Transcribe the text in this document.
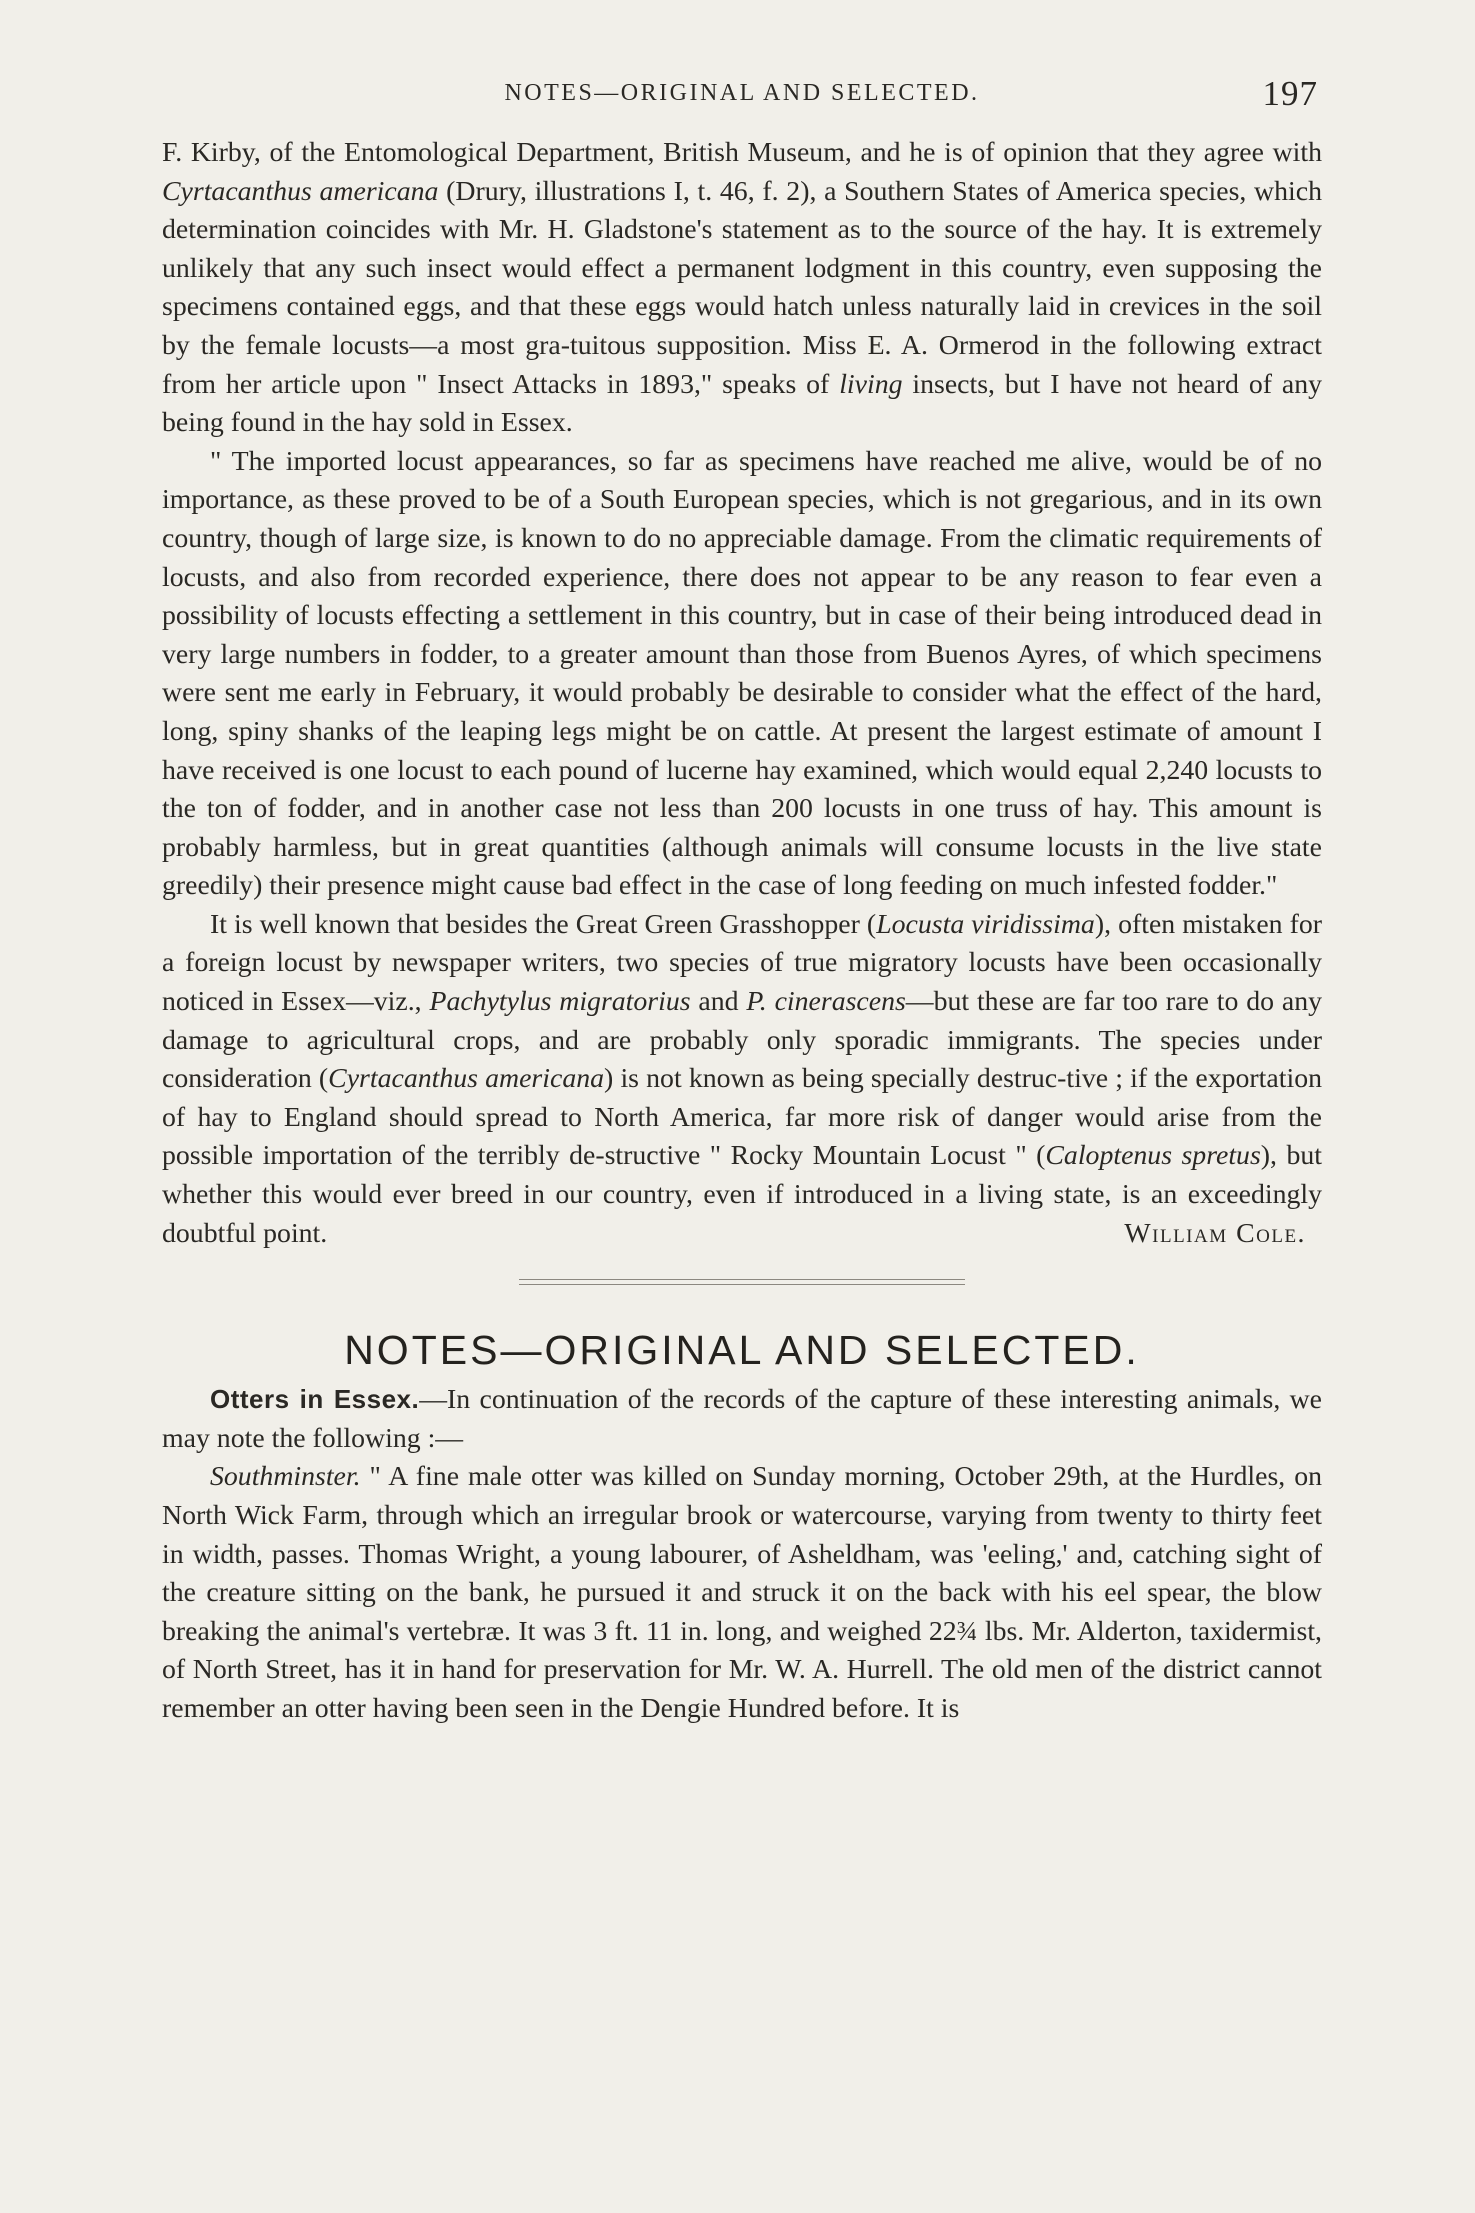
NOTES—ORIGINAL AND SELECTED.	197

F. Kirby, of the Entomological Department, British Museum, and he is of opinion that they agree with Cyrtacanthus americana (Drury, illustrations I, t. 46, f. 2), a Southern States of America species, which determination coincides with Mr. H. Gladstone's statement as to the source of the hay. It is extremely unlikely that any such insect would effect a permanent lodgment in this country, even supposing the specimens contained eggs, and that these eggs would hatch unless naturally laid in crevices in the soil by the female locusts—a most gra-tuitous supposition. Miss E. A. Ormerod in the following extract from her article upon " Insect Attacks in 1893," speaks of living insects, but I have not heard of any being found in the hay sold in Essex.

" The imported locust appearances, so far as specimens have reached me alive, would be of no importance, as these proved to be of a South European species, which is not gregarious, and in its own country, though of large size, is known to do no appreciable damage. From the climatic requirements of locusts, and also from recorded experience, there does not appear to be any reason to fear even a possibility of locusts effecting a settlement in this country, but in case of their being introduced dead in very large numbers in fodder, to a greater amount than those from Buenos Ayres, of which specimens were sent me early in February, it would probably be desirable to consider what the effect of the hard, long, spiny shanks of the leaping legs might be on cattle. At present the largest estimate of amount I have received is one locust to each pound of lucerne hay examined, which would equal 2,240 locusts to the ton of fodder, and in another case not less than 200 locusts in one truss of hay. This amount is probably harmless, but in great quantities (although animals will consume locusts in the live state greedily) their presence might cause bad effect in the case of long feeding on much infested fodder."

It is well known that besides the Great Green Grasshopper (Locusta viridissima), often mistaken for a foreign locust by newspaper writers, two species of true migratory locusts have been occasionally noticed in Essex—viz., Pachytylus migratorius and P. cinerascens—but these are far too rare to do any damage to agricultural crops, and are probably only sporadic immigrants. The species under consideration (Cyrtacanthus americana) is not known as being specially destruc-tive ; if the exportation of hay to England should spread to North America, far more risk of danger would arise from the possible importation of the terribly de-structive " Rocky Mountain Locust " (Caloptenus spretus), but whether this would ever breed in our country, even if introduced in a living state, is an exceedingly doubtful point.	William Cole.

NOTES—ORIGINAL AND SELECTED.

Otters in Essex.—In continuation of the records of the capture of these interesting animals, we may note the following :—

Southminster. " A fine male otter was killed on Sunday morning, October 29th, at the Hurdles, on North Wick Farm, through which an irregular brook or watercourse, varying from twenty to thirty feet in width, passes. Thomas Wright, a young labourer, of Asheldham, was 'eeling,' and, catching sight of the creature sitting on the bank, he pursued it and struck it on the back with his eel spear, the blow breaking the animal's vertebræ. It was 3 ft. 11 in. long, and weighed 22¾ lbs. Mr. Alderton, taxidermist, of North Street, has it in hand for preservation for Mr. W. A. Hurrell. The old men of the district cannot remember an otter having been seen in the Dengie Hundred before. It is
